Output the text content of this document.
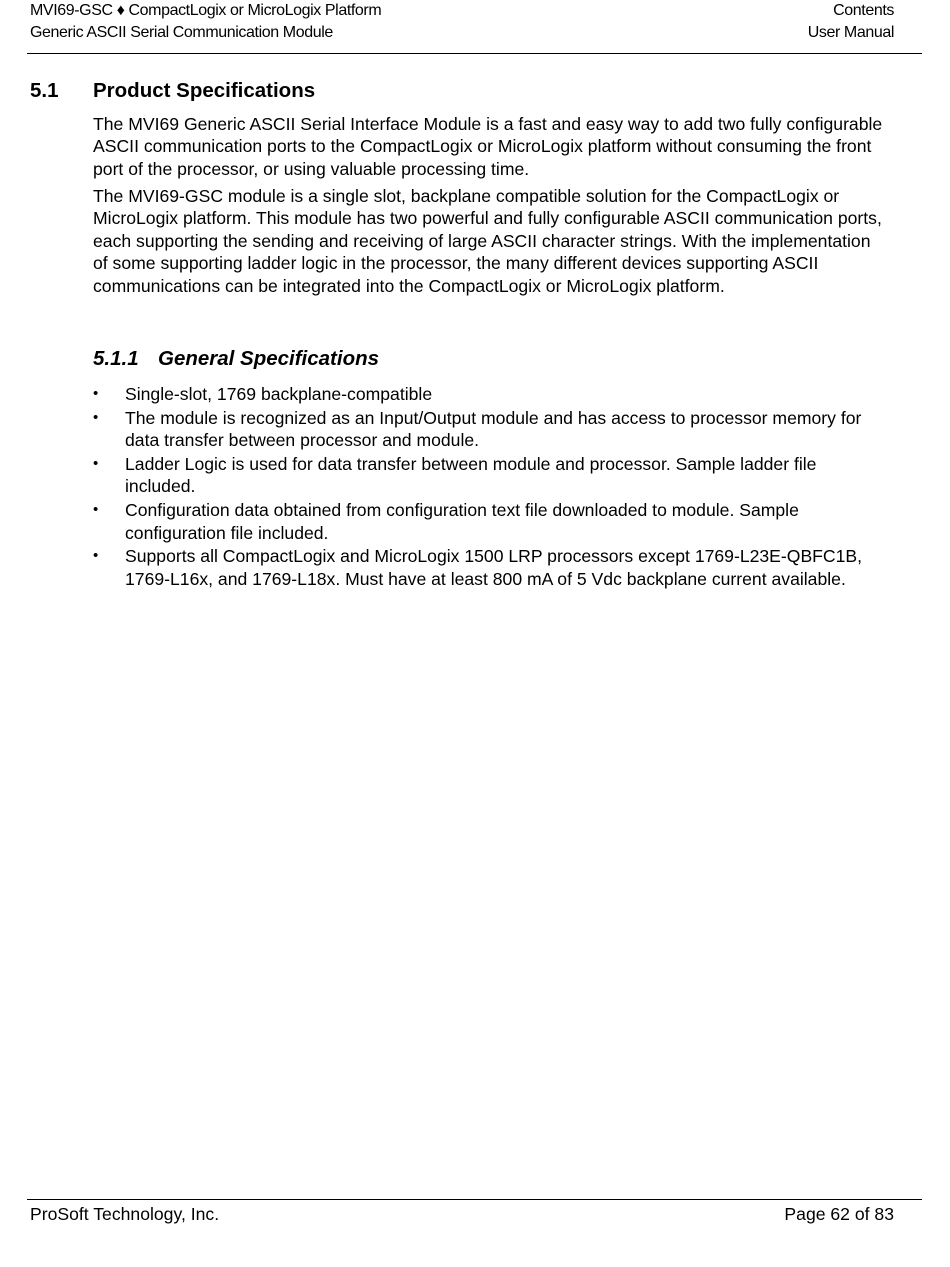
MVI69-GSC ♦ CompactLogix or MicroLogix Platform	Contents
Generic ASCII Serial Communication Module	User Manual
5.1 Product Specifications

The MVI69 Generic ASCII Serial Interface Module is a fast and easy way to add two fully configurable ASCII communication ports to the CompactLogix or MicroLogix platform without consuming the front port of the processor, or using valuable processing time.

The MVI69-GSC module is a single slot, backplane compatible solution for the CompactLogix or MicroLogix platform. This module has two powerful and fully configurable ASCII communication ports, each supporting the sending and receiving of large ASCII character strings. With the implementation of some supporting ladder logic in the processor, the many different devices supporting ASCII communications can be integrated into the CompactLogix or MicroLogix platform.

5.1.1 General Specifications
• Single-slot, 1769 backplane-compatible
• The module is recognized as an Input/Output module and has access to processor memory for data transfer between processor and module.
• Ladder Logic is used for data transfer between module and processor. Sample ladder file included.
• Configuration data obtained from configuration text file downloaded to module. Sample configuration file included.
• Supports all CompactLogix and MicroLogix 1500 LRP processors except 1769-L23E-QBFC1B, 1769-L16x, and 1769-L18x. Must have at least 800 mA of 5 Vdc backplane current available.
ProSoft Technology, Inc.	Page 62 of 83
